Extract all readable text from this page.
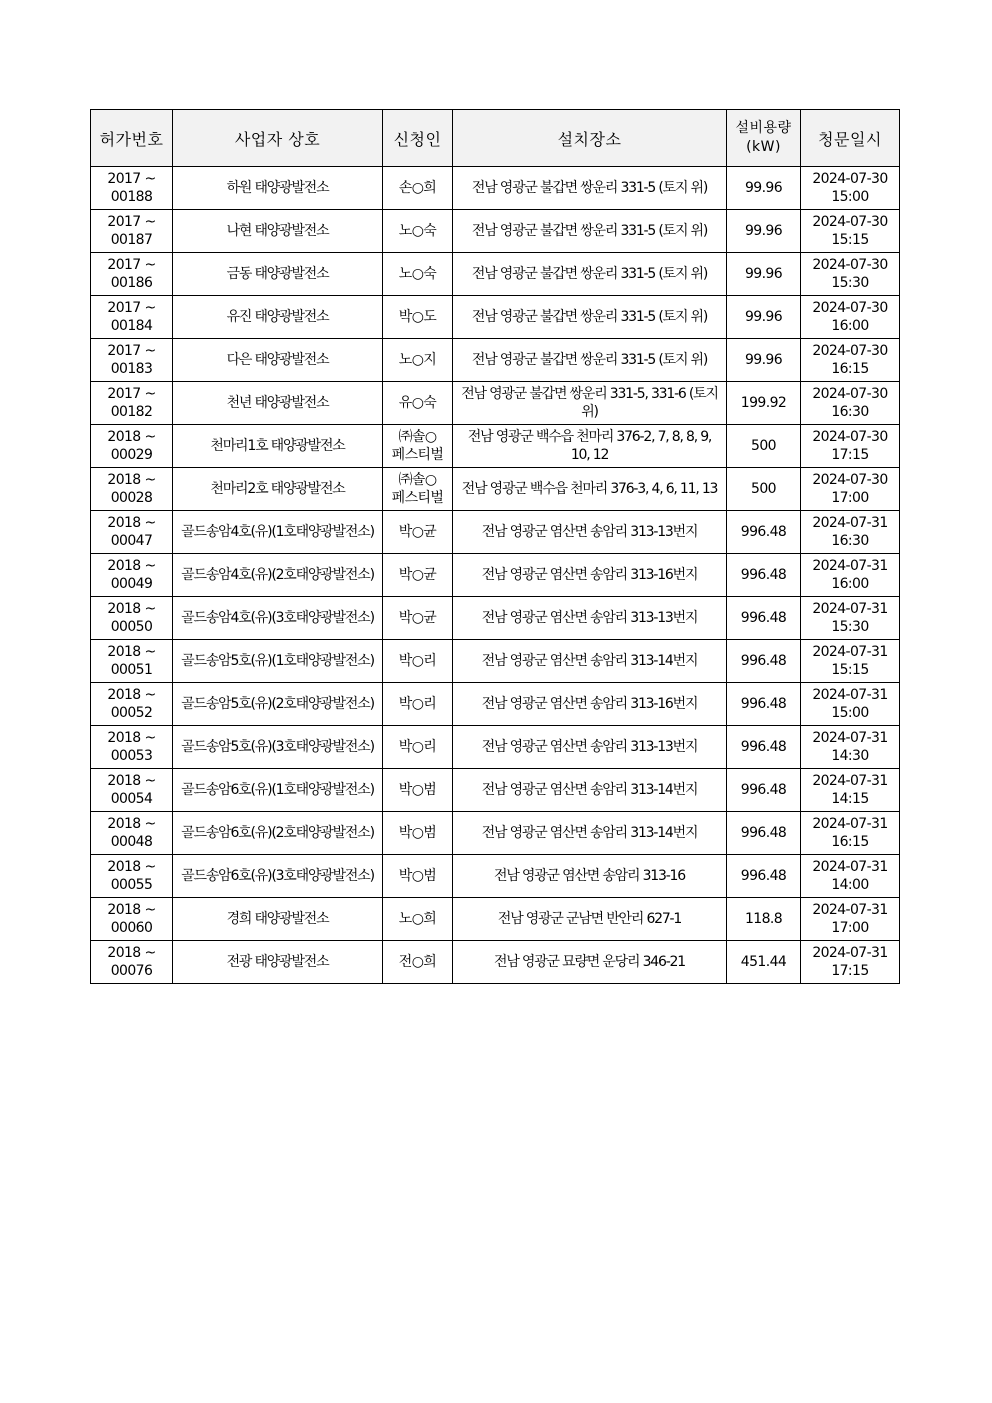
허가번호	사업자 상호	신청인	설치장소	설비용량
(kW)	청문일시

2017 ~
00188	하원 태양광발전소	손○희	전남 영광군 불갑면 쌍운리 331-5 (토지 위)	99.96	2024-07-30
15:00

2017 ~
00187	나현 태양광발전소	노○숙	전남 영광군 불갑면 쌍운리 331-5 (토지 위)	99.96	2024-07-30
15:15

2017 ~
00186	금동 태양광발전소	노○숙	전남 영광군 불갑면 쌍운리 331-5 (토지 위)	99.96	2024-07-30
15:30

2017 ~
00184	유진 태양광발전소	박○도	전남 영광군 불갑면 쌍운리 331-5 (토지 위)	99.96	2024-07-30
16:00

2017 ~
00183	다은 태양광발전소	노○지	전남 영광군 불갑면 쌍운리 331-5 (토지 위)	99.96	2024-07-30
16:15

2017 ~
00182	천년 태양광발전소	유○숙	전남 영광군 불갑면 쌍운리 331-5, 331-6 (토지
위)	199.92	2024-07-30
16:30

2018 ~
00029	천마리1호 태양광발전소	㈜솔○
페스티벌	전남 영광군 백수읍 천마리 376-2, 7, 8, 8, 9,
10, 12	500	2024-07-30
17:15

2018 ~
00028	천마리2호 태양광발전소	㈜솔○
페스티벌	전남 영광군 백수읍 천마리 376-3, 4, 6, 11, 13	500	2024-07-30
17:00

2018 ~
00047	골드송암4호(유)(1호태양광발전소)	박○균	전남 영광군 염산면 송암리 313-13번지	996.48	2024-07-31
16:30

2018 ~
00049	골드송암4호(유)(2호태양광발전소)	박○균	전남 영광군 염산면 송암리 313-16번지	996.48	2024-07-31
16:00

2018 ~
00050	골드송암4호(유)(3호태양광발전소)	박○균	전남 영광군 염산면 송암리 313-13번지	996.48	2024-07-31
15:30

2018 ~
00051	골드송암5호(유)(1호태양광발전소)	박○리	전남 영광군 염산면 송암리 313-14번지	996.48	2024-07-31
15:15

2018 ~
00052	골드송암5호(유)(2호태양광발전소)	박○리	전남 영광군 염산면 송암리 313-16번지	996.48	2024-07-31
15:00

2018 ~
00053	골드송암5호(유)(3호태양광발전소)	박○리	전남 영광군 염산면 송암리 313-13번지	996.48	2024-07-31
14:30

2018 ~
00054	골드송암6호(유)(1호태양광발전소)	박○범	전남 영광군 염산면 송암리 313-14번지	996.48	2024-07-31
14:15

2018 ~
00048	골드송암6호(유)(2호태양광발전소)	박○범	전남 영광군 염산면 송암리 313-14번지	996.48	2024-07-31
16:15

2018 ~
00055	골드송암6호(유)(3호태양광발전소)	박○범	전남 영광군 염산면 송암리 313-16	996.48	2024-07-31
14:00

2018 ~
00060	경희 태양광발전소	노○희	전남 영광군 군남면 반안리 627-1	118.8	2024-07-31
17:00

2018 ~
00076	전광 태양광발전소	전○희	전남 영광군 묘량면 운당리 346-21	451.44	2024-07-31
17:15
